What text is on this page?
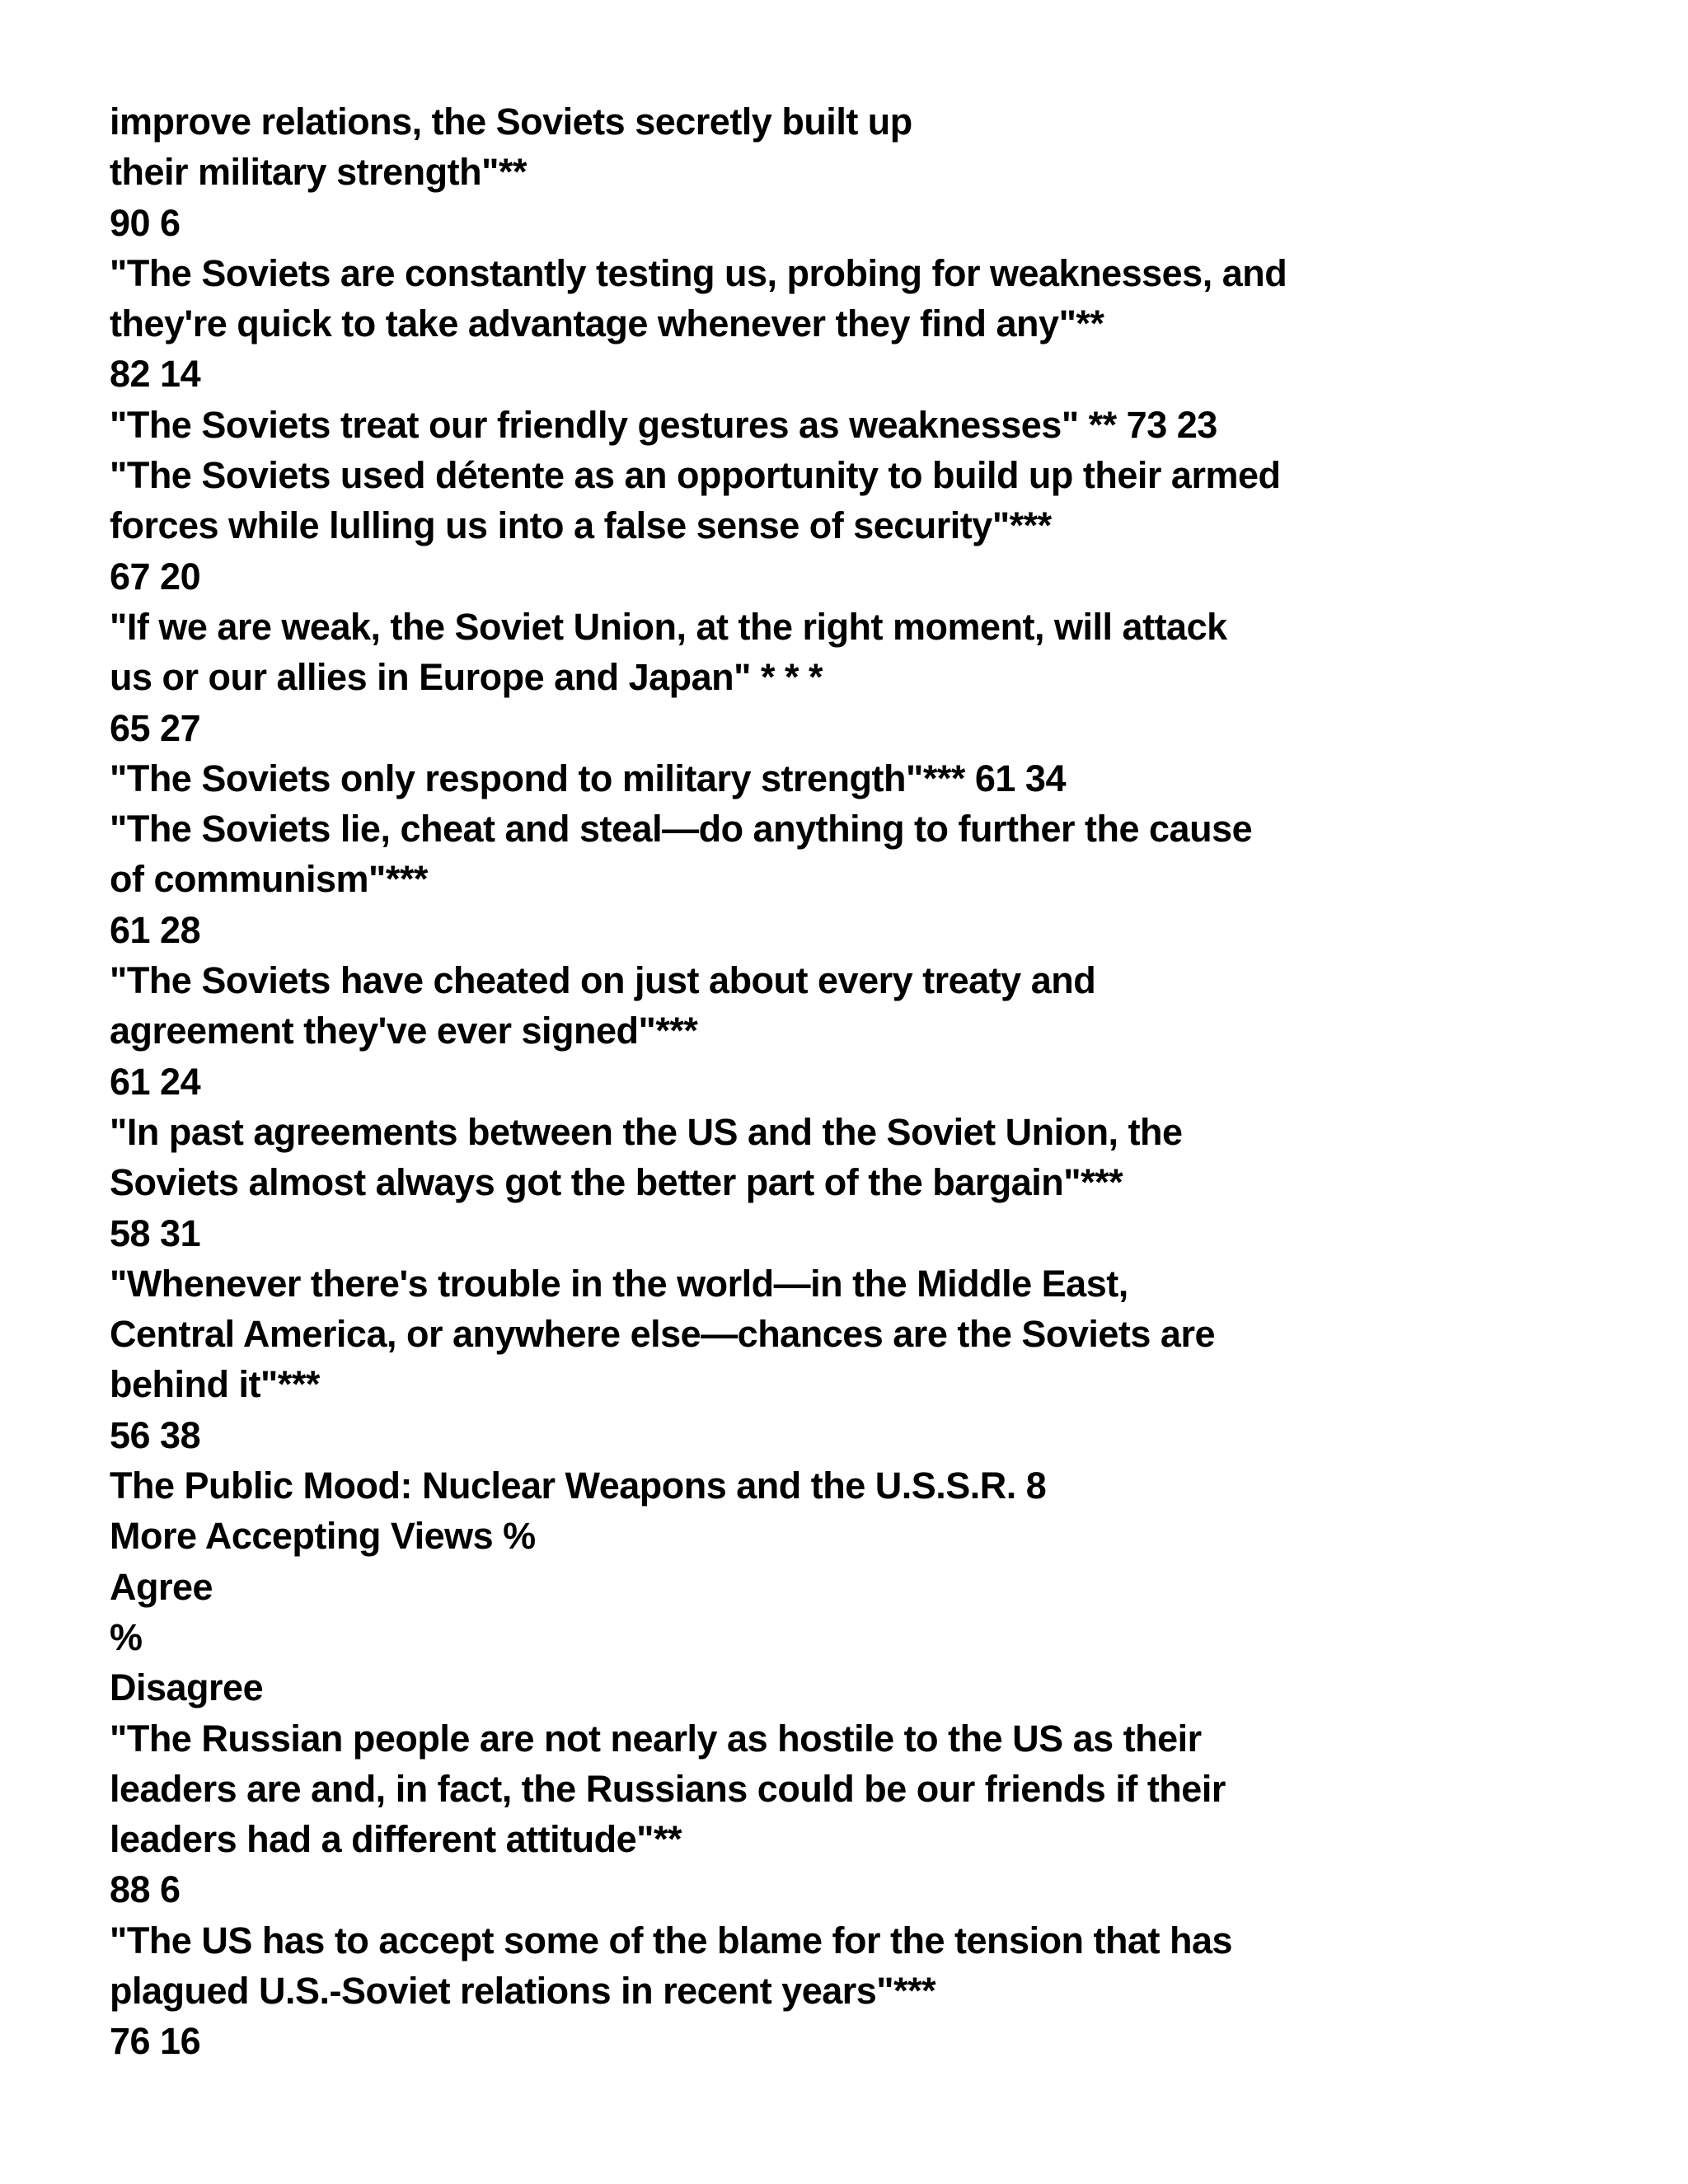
improve relations, the Soviets secretly built up
their military strength"**
90 6
"The Soviets are constantly testing us, probing for weaknesses, and
they're quick to take advantage whenever they find any"**
82 14
"The Soviets treat our friendly gestures as weaknesses" ** 73 23
"The Soviets used détente as an opportunity to build up their armed
forces while lulling us into a false sense of security"***
67 20
"If we are weak, the Soviet Union, at the right moment, will attack
us or our allies in Europe and Japan" * * *
65 27
"The Soviets only respond to military strength"*** 61 34
"The Soviets lie, cheat and steal—do anything to further the cause
of communism"***
61 28
"The Soviets have cheated on just about every treaty and
agreement they've ever signed"***
61 24
"In past agreements between the US and the Soviet Union, the
Soviets almost always got the better part of the bargain"***
58 31
"Whenever there's trouble in the world—in the Middle East,
Central America, or anywhere else—chances are the Soviets are
behind it"***
56 38
The Public Mood: Nuclear Weapons and the U.S.S.R. 8
More Accepting Views %
Agree
%
Disagree
"The Russian people are not nearly as hostile to the US as their
leaders are and, in fact, the Russians could be our friends if their
leaders had a different attitude"**
88 6
"The US has to accept some of the blame for the tension that has
plagued U.S.-Soviet relations in recent years"***
76 16
